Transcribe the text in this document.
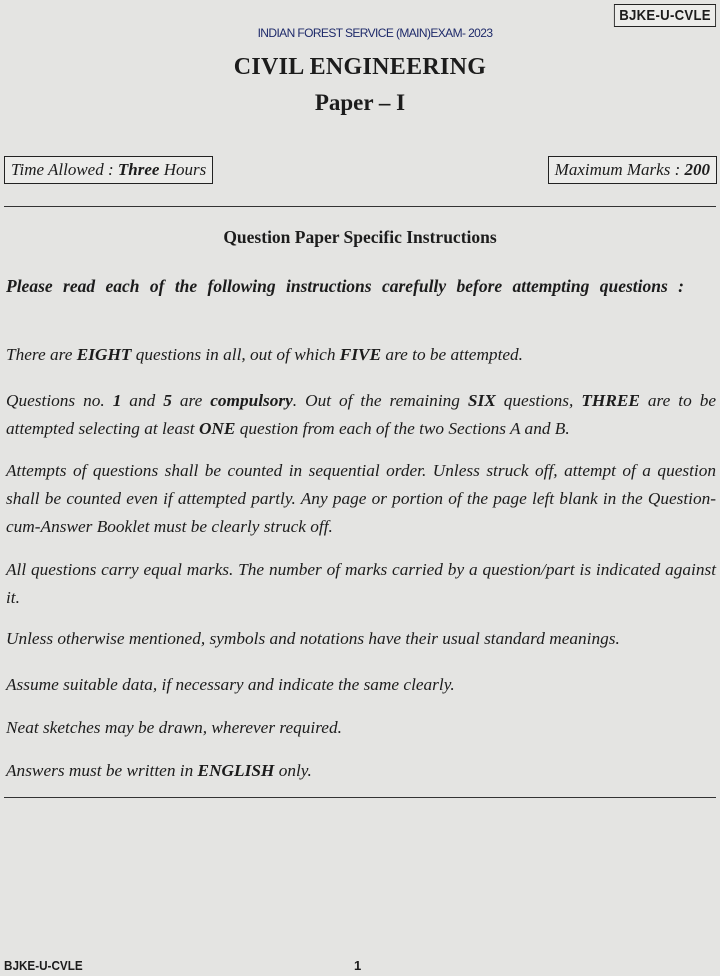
BJKE-U-CVLE
INDIAN FOREST SERVICE (MAIN)EXAM- 2023
CIVIL ENGINEERING
Paper – I
Time Allowed : Three Hours	Maximum Marks : 200
Question Paper Specific Instructions
Please read each of the following instructions carefully before attempting questions :
There are EIGHT questions in all, out of which FIVE are to be attempted.
Questions no. 1 and 5 are compulsory. Out of the remaining SIX questions, THREE are to be attempted selecting at least ONE question from each of the two Sections A and B.
Attempts of questions shall be counted in sequential order. Unless struck off, attempt of a question shall be counted even if attempted partly. Any page or portion of the page left blank in the Question-cum-Answer Booklet must be clearly struck off.
All questions carry equal marks. The number of marks carried by a question/part is indicated against it.
Unless otherwise mentioned, symbols and notations have their usual standard meanings.
Assume suitable data, if necessary and indicate the same clearly.
Neat sketches may be drawn, wherever required.
Answers must be written in ENGLISH only.
BJKE-U-CVLE	1
